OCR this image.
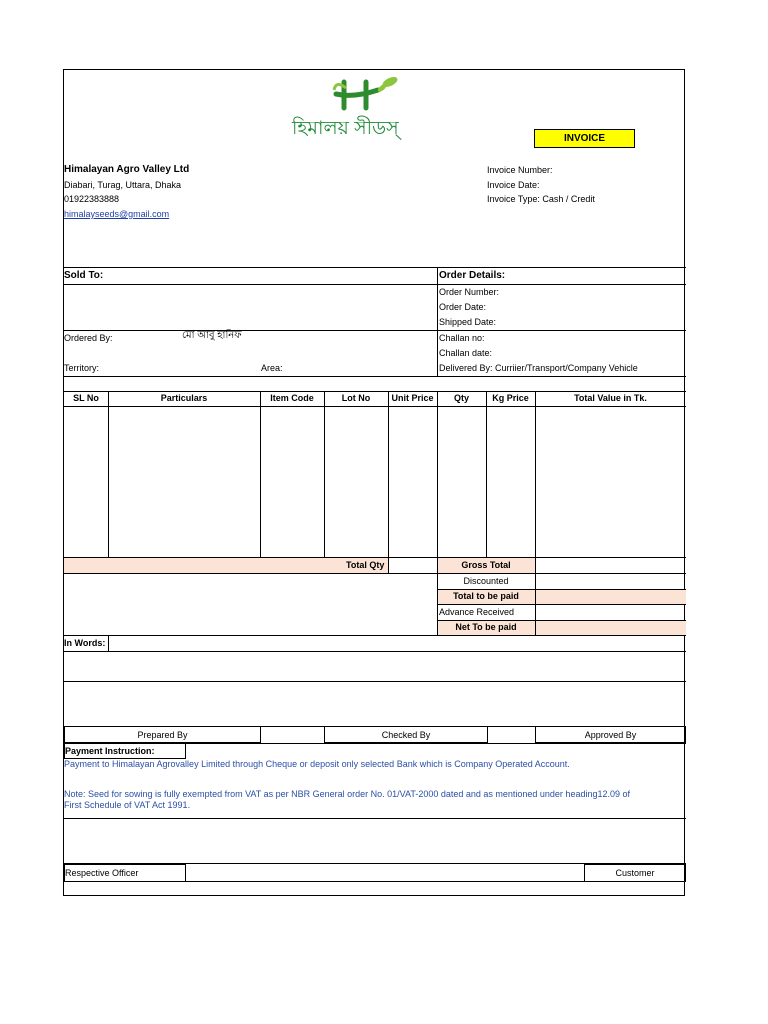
হিমালয় সীডস্	INVOICE
Himalayan Agro Valley Ltd
Diabari, Turag, Uttara, Dhaka
01922383888
himalayseeds@gmail.com
Invoice Number:
Invoice Date:
Invoice Type: Cash / Credit
Sold To:	Order Details:
Order Number:
Order Date:
Shipped Date:
Challan no:
Challan date:
Delivered By: Curriier/Transport/Company Vehicle
Ordered By:	মো আবু হানিফ
Territory:	Area:
SL No	Particulars	Item Code	Lot No	Unit Price	Qty	Kg Price	Total Value in Tk.
Total Qty	Gross Total
Discounted
Total to be paid
Advance Received
Net To be paid
In Words:
Prepared By	Checked By	Approved By
Payment Instruction:
Payment to Himalayan Agrovalley Limited through Cheque or deposit only selected Bank which is Company Operated Account.
Note: Seed for sowing is fully exempted from VAT as per NBR General order No. 01/VAT-2000 dated and as mentioned under heading12.09 of
First Schedule of VAT Act 1991.
Respective Officer	Customer
